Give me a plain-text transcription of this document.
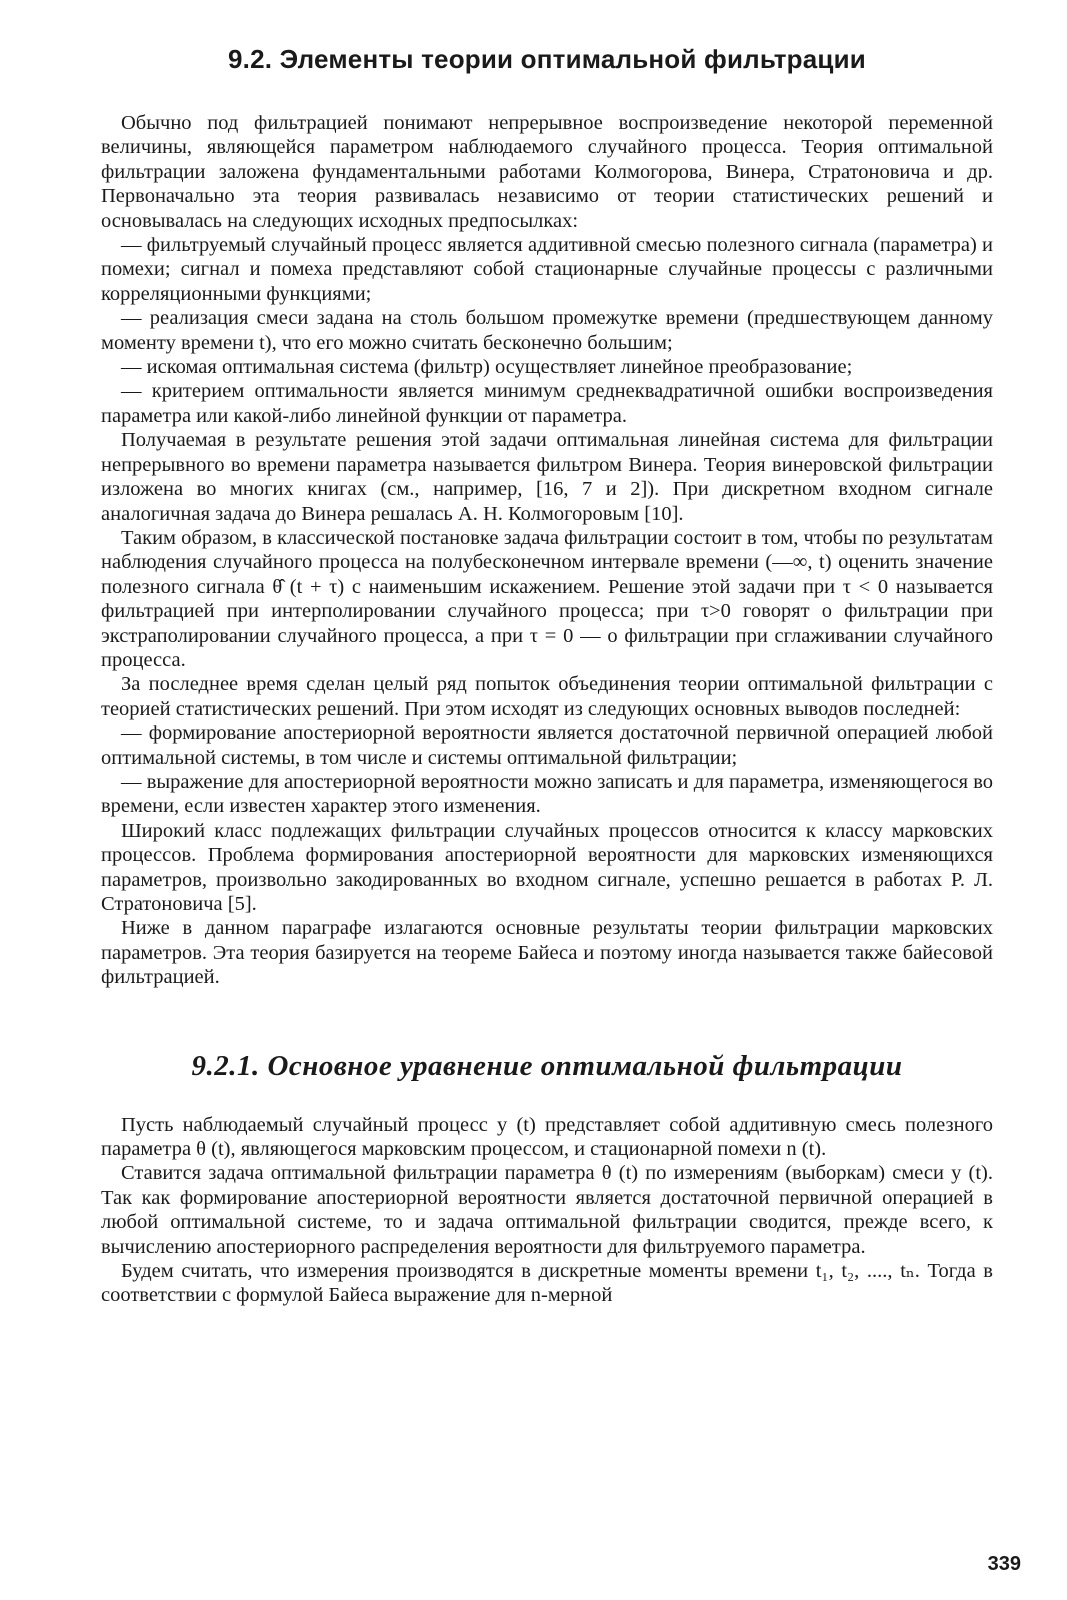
9.2. Элементы теории оптимальной фильтрации

Обычно под фильтрацией понимают непрерывное воспроизведение некоторой переменной величины, являющейся параметром наблюдаемого случайного процесса. Теория оптимальной фильтрации заложена фундаментальными работами Колмогорова, Винера, Стратоновича и др. Первоначально эта теория развивалась независимо от теории статистических решений и основывалась на следующих исходных предпосылках:

— фильтруемый случайный процесс является аддитивной смесью полезного сигнала (параметра) и помехи; сигнал и помеха представляют собой стационарные случайные процессы с различными корреляционными функциями;

— реализация смеси задана на столь большом промежутке времени (предшествующем данному моменту времени t), что его можно считать бесконечно большим;

— искомая оптимальная система (фильтр) осуществляет линейное преобразование;

— критерием оптимальности является минимум среднеквадратичной ошибки воспроизведения параметра или какой-либо линейной функции от параметра.

Получаемая в результате решения этой задачи оптимальная линейная система для фильтрации непрерывного во времени параметра называется фильтром Винера. Теория винеровской фильтрации изложена во многих книгах (см., например, [16, 7 и 2]). При дискретном входном сигнале аналогичная задача до Винера решалась А. Н. Колмогоровым [10].

Таким образом, в классической постановке задача фильтрации состоит в том, чтобы по результатам наблюдения случайного процесса на полубесконечном интервале времени (—∞, t) оценить значение полезного сигнала θ̂ (t + τ) с наименьшим искажением. Решение этой задачи при τ < 0 называется фильтрацией при интерполировании случайного процесса; при τ>0 говорят о фильтрации при экстраполировании случайного процесса, а при τ = 0 — о фильтрации при сглаживании случайного процесса.

За последнее время сделан целый ряд попыток объединения теории оптимальной фильтрации с теорией статистических решений. При этом исходят из следующих основных выводов последней:

— формирование апостериорной вероятности является достаточной первичной операцией любой оптимальной системы, в том числе и системы оптимальной фильтрации;

— выражение для апостериорной вероятности можно записать и для параметра, изменяющегося во времени, если известен характер этого изменения.

Широкий класс подлежащих фильтрации случайных процессов относится к классу марковских процессов. Проблема формирования апостериорной вероятности для марковских изменяющихся параметров, произвольно закодированных во входном сигнале, успешно решается в работах Р. Л. Стратоновича [5].

Ниже в данном параграфе излагаются основные результаты теории фильтрации марковских параметров. Эта теория базируется на теореме Байеса и поэтому иногда называется также байесовой фильтрацией.

9.2.1. Основное уравнение оптимальной фильтрации

Пусть наблюдаемый случайный процесс y (t) представляет собой аддитивную смесь полезного параметра θ (t), являющегося марковским процессом, и стационарной помехи n (t).

Ставится задача оптимальной фильтрации параметра θ (t) по измерениям (выборкам) смеси y (t). Так как формирование апостериорной вероятности является достаточной первичной операцией в любой оптимальной системе, то и задача оптимальной фильтрации сводится, прежде всего, к вычислению апостериорного распределения вероятности для фильтруемого параметра.

Будем считать, что измерения производятся в дискретные моменты времени t₁, t₂, ...., tₙ. Тогда в соответствии с формулой Байеса выражение для n-мерной

339
